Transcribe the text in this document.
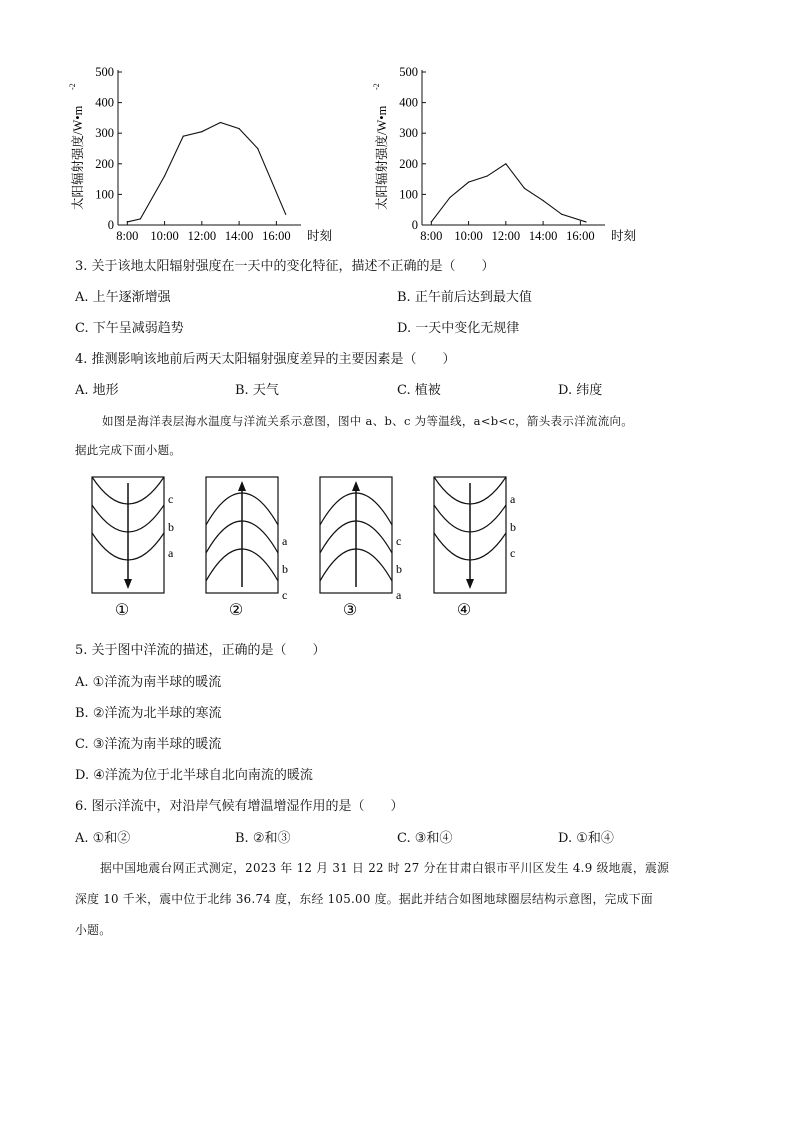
太阳辐射强度/W•m
-2
500
400
300
200
100
0
8:00 10:00 12:00 14:00 16:00 时刻
太阳辐射强度/W•m
-2
500
400
300
200
100
0
8:00 10:00 12:00 14:00 16:00 时刻
3. 关于该地太阳辐射强度在一天中的变化特征，描述不正确的是（　　）
A. 上午逐渐增强	B. 正午前后达到最大值
C. 下午呈减弱趋势	D. 一天中变化无规律
4. 推测影响该地前后两天太阳辐射强度差异的主要因素是（　　）
A. 地形	B. 天气	C. 植被	D. 纬度
如图是海洋表层海水温度与洋流关系示意图，图中 a、b、c 为等温线，a<b<c，箭头表示洋流流向。
据此完成下面小题。
c
b
a
①
a
b
c
②
c
b
a
③
a
b
c
④
5. 关于图中洋流的描述，正确的是（　　）
A. ①洋流为南半球的暖流
B. ②洋流为北半球的寒流
C. ③洋流为南半球的暖流
D. ④洋流为位于北半球自北向南流的暖流
6. 图示洋流中，对沿岸气候有增温增湿作用的是（　　）
A. ①和②	B. ②和③	C. ③和④	D. ①和④
据中国地震台网正式测定，2023 年 12 月 31 日 22 时 27 分在甘肃白银市平川区发生 4.9 级地震，震源
深度 10 千米，震中位于北纬 36.74 度，东经 105.00 度。据此并结合如图地球圈层结构示意图，完成下面
小题。
